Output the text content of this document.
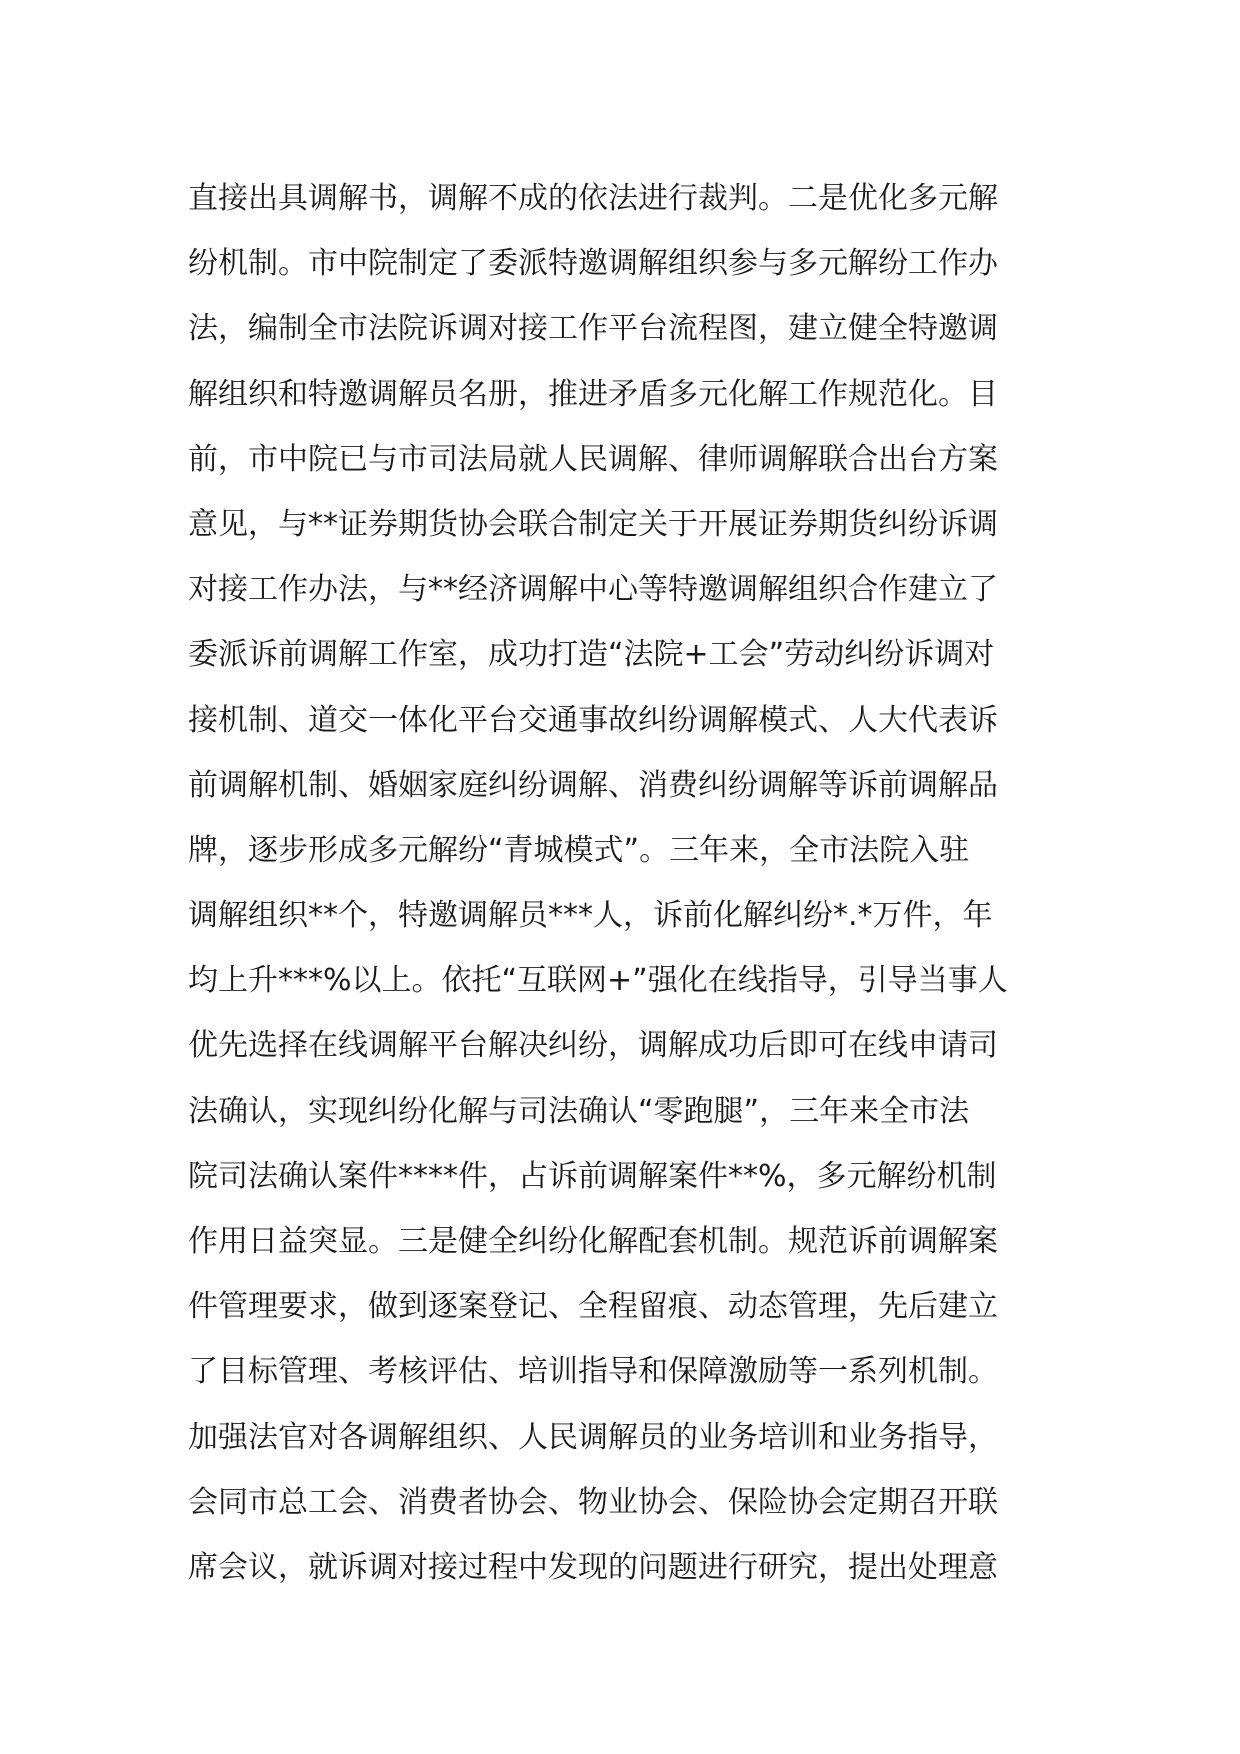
直接出具调解书，调解不成的依法进行裁判。二是优化多元解
纷机制。市中院制定了委派特邀调解组织参与多元解纷工作办
法，编制全市法院诉调对接工作平台流程图，建立健全特邀调
解组织和特邀调解员名册，推进矛盾多元化解工作规范化。目
前，市中院已与市司法局就人民调解、律师调解联合出台方案
意见，与**证券期货协会联合制定关于开展证券期货纠纷诉调
对接工作办法，与**经济调解中心等特邀调解组织合作建立了
委派诉前调解工作室，成功打造“法院+工会”劳动纠纷诉调对
接机制、道交一体化平台交通事故纠纷调解模式、人大代表诉
前调解机制、婚姻家庭纠纷调解、消费纠纷调解等诉前调解品
牌，逐步形成多元解纷“青城模式”。三年来，全市法院入驻
调解组织**个，特邀调解员***人，诉前化解纠纷*.*万件，年
均上升***%以上。依托“互联网+”强化在线指导，引导当事人
优先选择在线调解平台解决纠纷，调解成功后即可在线申请司
法确认，实现纠纷化解与司法确认“零跑腿”，三年来全市法
院司法确认案件****件，占诉前调解案件**%，多元解纷机制
作用日益突显。三是健全纠纷化解配套机制。规范诉前调解案
件管理要求，做到逐案登记、全程留痕、动态管理，先后建立
了目标管理、考核评估、培训指导和保障激励等一系列机制。
加强法官对各调解组织、人民调解员的业务培训和业务指导，
会同市总工会、消费者协会、物业协会、保险协会定期召开联
席会议，就诉调对接过程中发现的问题进行研究，提出处理意
